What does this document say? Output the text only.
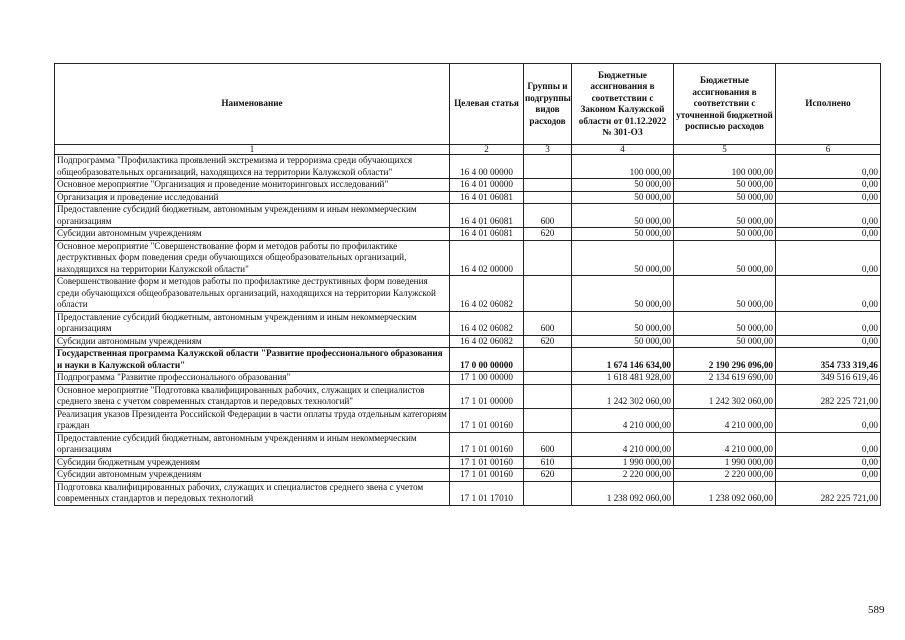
Наименование	Целевая статья	Группы и подгруппы видов расходов	Бюджетные ассигнования в соответствии с Законом Калужской области от 01.12.2022 № 301-ОЗ	Бюджетные ассигнования в соответствии с уточненной бюджетной росписью расходов	Исполнено
1	2	3	4	5	6
Подпрограмма "Профилактика проявлений экстремизма и терроризма среди обучающихся общеобразовательных организаций, находящихся на территории Калужской области"	16 4 00 00000		100 000,00	100 000,00	0,00
Основное мероприятие "Организация и проведение мониторинговых исследований"	16 4 01 00000		50 000,00	50 000,00	0,00
Организация и проведение исследований	16 4 01 06081		50 000,00	50 000,00	0,00
Предоставление субсидий бюджетным, автономным учреждениям и иным некоммерческим организациям	16 4 01 06081	600	50 000,00	50 000,00	0,00
Субсидии автономным учреждениям	16 4 01 06081	620	50 000,00	50 000,00	0,00
Основное мероприятие "Совершенствование форм и методов работы по профилактике деструктивных форм поведения среди обучающихся общеобразовательных организаций, находящихся на территории Калужской области"	16 4 02 00000		50 000,00	50 000,00	0,00
Совершенствование форм и методов работы по профилактике деструктивных форм поведения среди обучающихся общеобразовательных организаций, находящихся на территории Калужской области	16 4 02 06082		50 000,00	50 000,00	0,00
Предоставление субсидий бюджетным, автономным учреждениям и иным некоммерческим организациям	16 4 02 06082	600	50 000,00	50 000,00	0,00
Субсидии автономным учреждениям	16 4 02 06082	620	50 000,00	50 000,00	0,00
Государственная программа Калужской области "Развитие профессионального образования и науки в Калужской области"	17 0 00 00000		1 674 146 634,00	2 190 296 096,00	354 733 319,46
Подпрограмма "Развитие профессионального образования"	17 1 00 00000		1 618 481 928,00	2 134 619 690,00	349 516 619,46
Основное мероприятие "Подготовка квалифицированных рабочих, служащих и специалистов среднего звена с учетом современных стандартов и передовых технологий"	17 1 01 00000		1 242 302 060,00	1 242 302 060,00	282 225 721,00
Реализация указов Президента Российской Федерации в части оплаты труда отдельным категориям граждан	17 1 01 00160		4 210 000,00	4 210 000,00	0,00
Предоставление субсидий бюджетным, автономным учреждениям и иным некоммерческим организациям	17 1 01 00160	600	4 210 000,00	4 210 000,00	0,00
Субсидии бюджетным учреждениям	17 1 01 00160	610	1 990 000,00	1 990 000,00	0,00
Субсидии автономным учреждениям	17 1 01 00160	620	2 220 000,00	2 220 000,00	0,00
Подготовка квалифицированных рабочих, служащих и специалистов среднего звена с учетом современных стандартов и передовых технологий	17 1 01 17010		1 238 092 060,00	1 238 092 060,00	282 225 721,00
589
